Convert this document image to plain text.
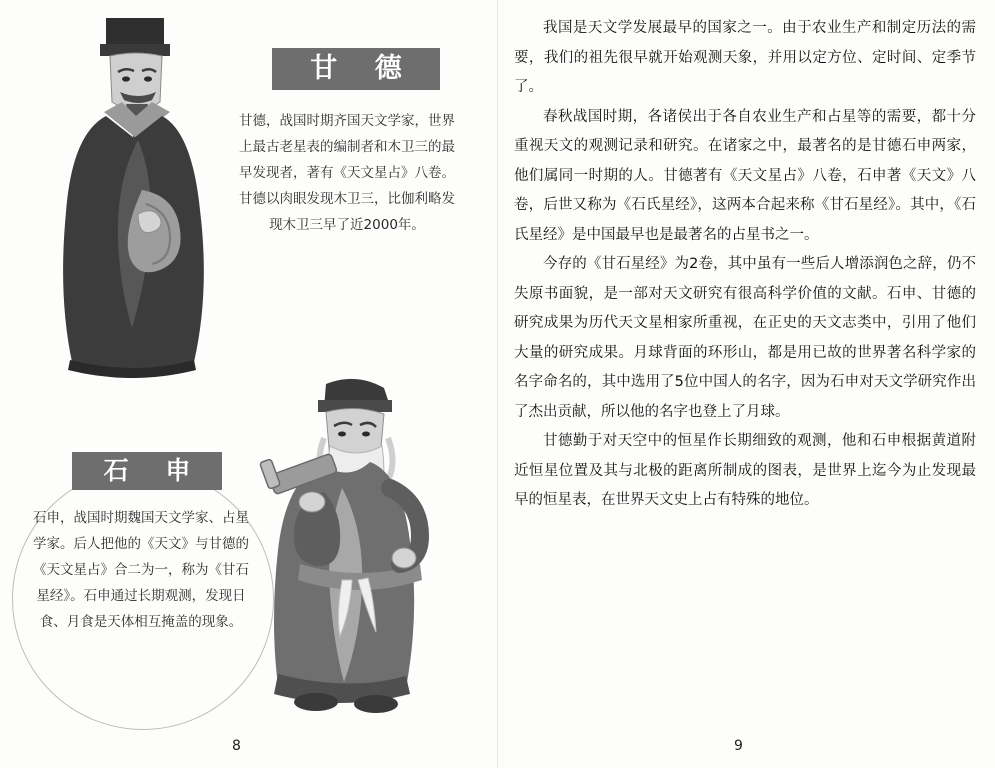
甘 德
甘德，战国时期齐国天文学家，世界上最古老星表的编制者和木卫三的最早发现者，著有《天文星占》八卷。甘德以肉眼发现木卫三，比伽利略发现木卫三早了近2000年。
石 申
石申，战国时期魏国天文学家、占星学家。后人把他的《天文》与甘德的《天文星占》合二为一，称为《甘石星经》。石申通过长期观测，发现日食、月食是天体相互掩盖的现象。
8

我国是天文学发展最早的国家之一。由于农业生产和制定历法的需要，我们的祖先很早就开始观测天象，并用以定方位、定时间、定季节了。

春秋战国时期，各诸侯出于各自农业生产和占星等的需要，都十分重视天文的观测记录和研究。在诸家之中，最著名的是甘德石申两家，他们属同一时期的人。甘德著有《天文星占》八卷，石申著《天文》八卷，后世又称为《石氏星经》，这两本合起来称《甘石星经》。其中，《石氏星经》是中国最早也是最著名的占星书之一。

今存的《甘石星经》为2卷，其中虽有一些后人增添润色之辞，仍不失原书面貌，是一部对天文研究有很高科学价值的文献。石申、甘德的研究成果为历代天文星相家所重视，在正史的天文志类中，引用了他们大量的研究成果。月球背面的环形山，都是用已故的世界著名科学家的名字命名的，其中选用了5位中国人的名字，因为石申对天文学研究作出了杰出贡献，所以他的名字也登上了月球。

甘德勤于对天空中的恒星作长期细致的观测，他和石申根据黄道附近恒星位置及其与北极的距离所制成的图表，是世界上迄今为止发现最早的恒星表，在世界天文史上占有特殊的地位。

9
